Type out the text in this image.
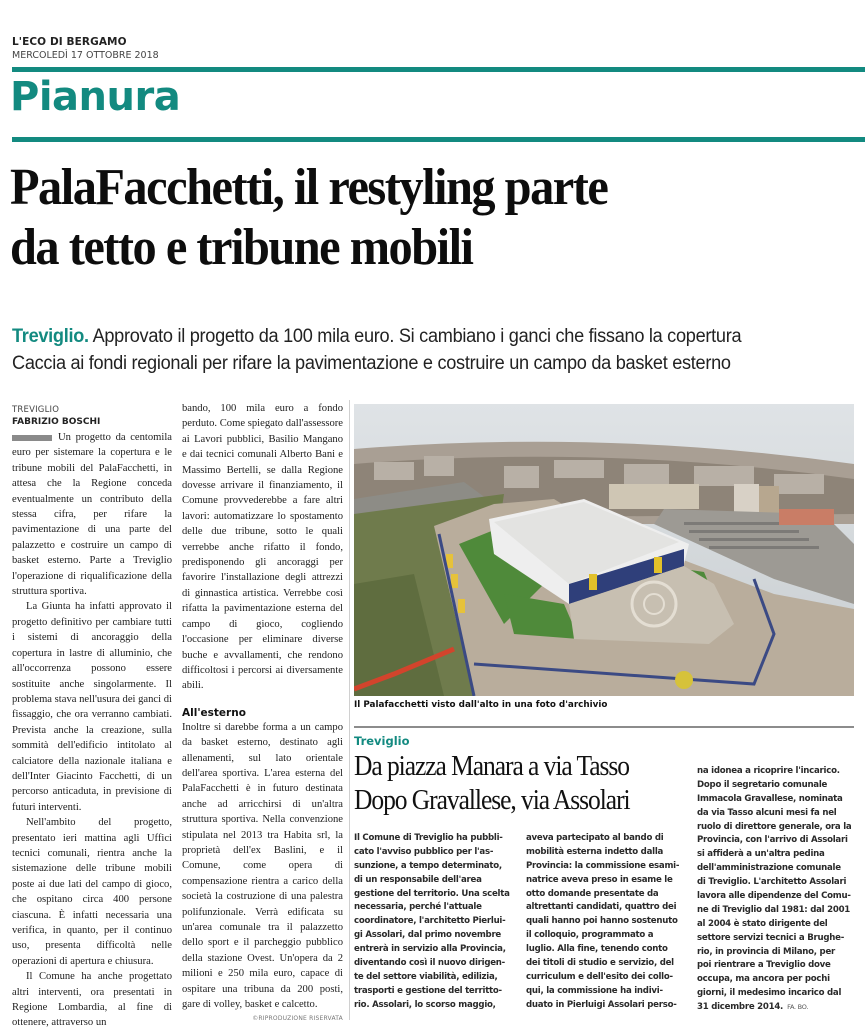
L'ECO DI BERGAMO
MERCOLEDÌ 17 OTTOBRE 2018
Pianura
PalaFacchetti, il restyling parte
da tetto e tribune mobili
Treviglio. Approvato il progetto da 100 mila euro. Si cambiano i ganci che fissano la copertura
Caccia ai fondi regionali per rifare la pavimentazione e costruire un campo da basket esterno
TREVIGLIO
FABRIZIO BOSCHI

Un progetto da centomila euro per sistemare la copertura e le tribune mobili del PalaFacchetti, in attesa che la Regione conceda eventualmente un contributo della stessa cifra, per rifare la pavimentazione di una parte del palazzetto e costruire un campo di basket esterno. Parte a Treviglio l'operazione di riqualificazione della struttura sportiva.

La Giunta ha infatti approvato il progetto definitivo per cambiare tutti i sistemi di ancoraggio della copertura in lastre di alluminio, che all'occorrenza possono essere sostituite anche singolarmente. Il problema stava nell'usura dei ganci di fissaggio, che ora verranno cambiati. Prevista anche la creazione, sulla sommità dell'edificio intitolato al calciatore della nazionale italiana e dell'Inter Giacinto Facchetti, di un percorso anticaduta, in previsione di futuri interventi.

Nell'ambito del progetto, presentato ieri mattina agli Uffici tecnici comunali, rientra anche la sistemazione delle tribune mobili poste ai due lati del campo di gioco, che ospitano circa 400 persone ciascuna. È infatti necessaria una verifica, in quanto, per il continuo uso, presenta difficoltà nelle operazioni di apertura e chiusura.

Il Comune ha anche progettato altri interventi, ora presentati in Regione Lombardia, al fine di ottenere, attraverso un

bando, 100 mila euro a fondo perduto. Come spiegato dall'assessore ai Lavori pubblici, Basilio Mangano e dai tecnici comunali Alberto Bani e Massimo Bertelli, se dalla Regione dovesse arrivare il finanziamento, il Comune provvederebbe a fare altri lavori: automatizzare lo spostamento delle due tribune, sotto le quali verrebbe anche rifatto il fondo, predisponendo gli ancoraggi per favorire l'installazione degli attrezzi di ginnastica artistica. Verrebbe così rifatta la pavimentazione esterna del campo di gioco, cogliendo l'occasione per eliminare diverse buche e avvallamenti, che rendono difficoltosi i percorsi ai diversamente abili.

All'esterno

Inoltre si darebbe forma a un campo da basket esterno, destinato agli allenamenti, sul lato orientale dell'area sportiva. L'area esterna del PalaFacchetti è in futuro destinata anche ad arricchirsi di un'altra struttura sportiva. Nella convenzione stipulata nel 2013 tra Habita srl, la proprietà dell'ex Baslini, e il Comune, come opera di compensazione rientra a carico della società la costruzione di una palestra polifunzionale. Verrà edificata su un'area comunale tra il palazzetto dello sport e il parcheggio pubblico della stazione Ovest. Un'opera da 2 milioni e 250 mila euro, capace di ospitare una tribuna da 200 posti, gare di volley, basket e calcetto.

©RIPRODUZIONE RISERVATA
Il Palafacchetti visto dall'alto in una foto d'archivio
Treviglio
Da piazza Manara a via Tasso
Dopo Gravallese, via Assolari
Il Comune di Treviglio ha pubbli-
cato l'avviso pubblico per l'as-
sunzione, a tempo determinato,
di un responsabile dell'area
gestione del territorio. Una scelta
necessaria, perché l'attuale
coordinatore, l'architetto Pierlui-
gi Assolari, dal primo novembre
entrerà in servizio alla Provincia,
diventando così il nuovo dirigen-
te del settore viabilità, edilizia,
trasporti e gestione del territto-
rio. Assolari, lo scorso maggio,
aveva partecipato al bando di
mobilità esterna indetto dalla
Provincia: la commissione esami-
natrice aveva preso in esame le
otto domande presentate da
altrettanti candidati, quattro dei
quali hanno poi hanno sostenuto
il colloquio, programmato a
luglio. Alla fine, tenendo conto
dei titoli di studio e servizio, del
curriculum e dell'esito dei collo-
qui, la commissione ha indivi-
duato in Pierluigi Assolari perso-
na idonea a ricoprire l'incarico.
Dopo il segretario comunale
Immacola Gravallese, nominata
da via Tasso alcuni mesi fa nel
ruolo di direttore generale, ora la
Provincia, con l'arrivo di Assolari
si affiderà a un'altra pedina
dell'amministrazione comunale
di Treviglio. L'architetto Assolari
lavora alle dipendenze del Comu-
ne di Treviglio dal 1981: dal 2001
al 2004 è stato dirigente del
settore servizi tecnici a Brughe-
rio, in provincia di Milano, per
poi rientrare a Treviglio dove
occupa, ma ancora per pochi
giorni, il medesimo incarico dal
31 dicembre 2014. FA. BO.
